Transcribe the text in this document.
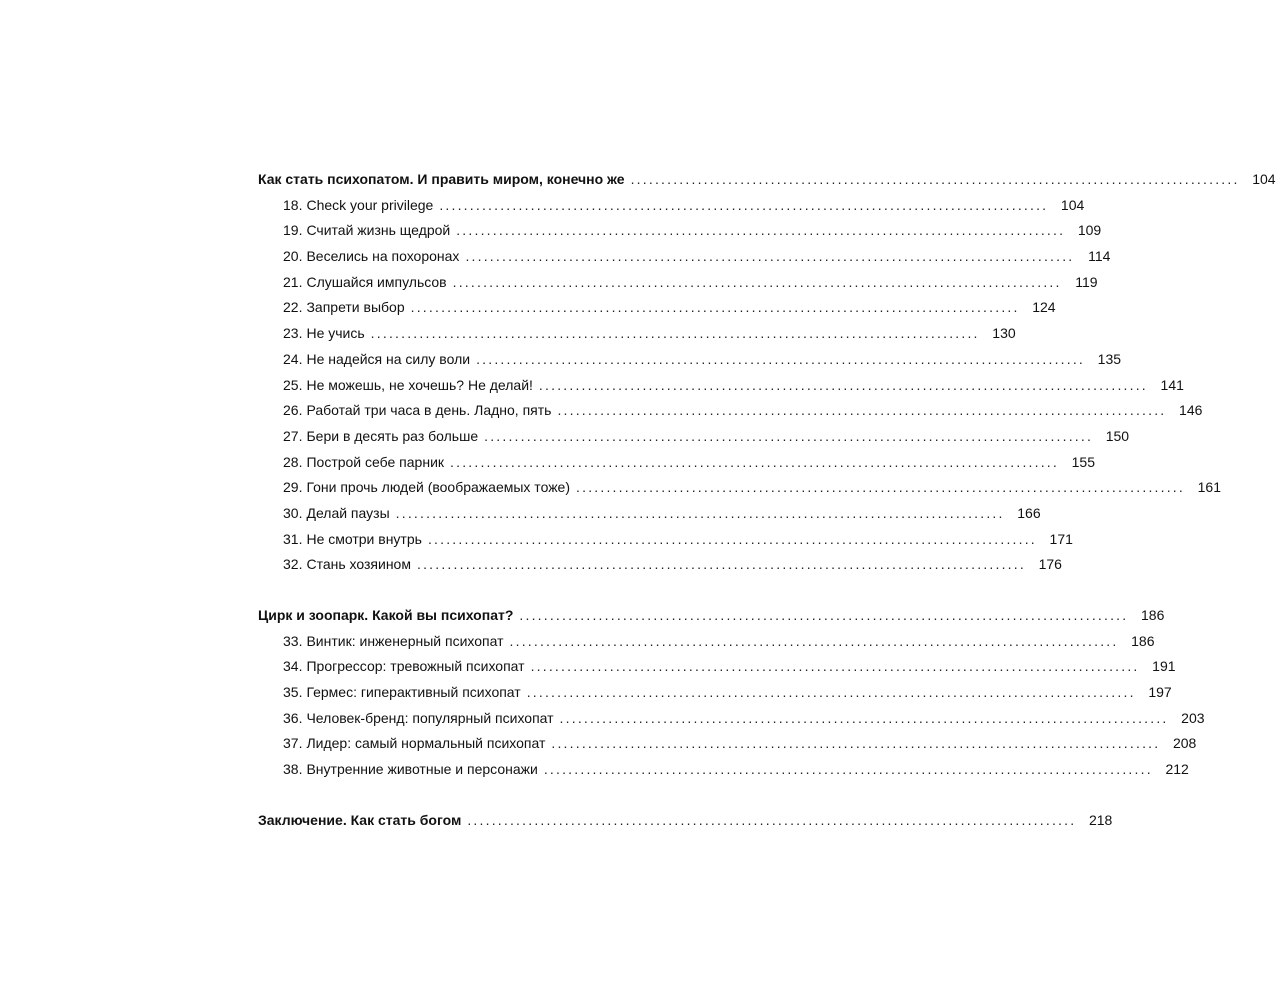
Как стать психопатом. И править миром, конечно же .................................................................................................... 104
18. Check your privilege .................................................................................................... 104
19. Считай жизнь щедрой .................................................................................................... 109
20. Веселись на похоронах .................................................................................................... 114
21. Слушайся импульсов .................................................................................................... 119
22. Запрети выбор .................................................................................................... 124
23. Не учись .................................................................................................... 130
24. Не надейся на силу воли .................................................................................................... 135
25. Не можешь, не хочешь? Не делай! .................................................................................................... 141
26. Работай три часа в день. Ладно, пять .................................................................................................... 146
27. Бери в десять раз больше .................................................................................................... 150
28. Построй себе парник .................................................................................................... 155
29. Гони прочь людей (воображаемых тоже) .................................................................................................... 161
30. Делай паузы .................................................................................................... 166
31. Не смотри внутрь .................................................................................................... 171
32. Стань хозяином .................................................................................................... 176
Цирк и зоопарк. Какой вы психопат? .................................................................................................... 186
33. Винтик: инженерный психопат .................................................................................................... 186
34. Прогрессор: тревожный психопат .................................................................................................... 191
35. Гермес: гиперактивный психопат .................................................................................................... 197
36. Человек-бренд: популярный психопат .................................................................................................... 203
37. Лидер: самый нормальный психопат .................................................................................................... 208
38. Внутренние животные и персонажи .................................................................................................... 212
Заключение. Как стать богом .................................................................................................... 218
